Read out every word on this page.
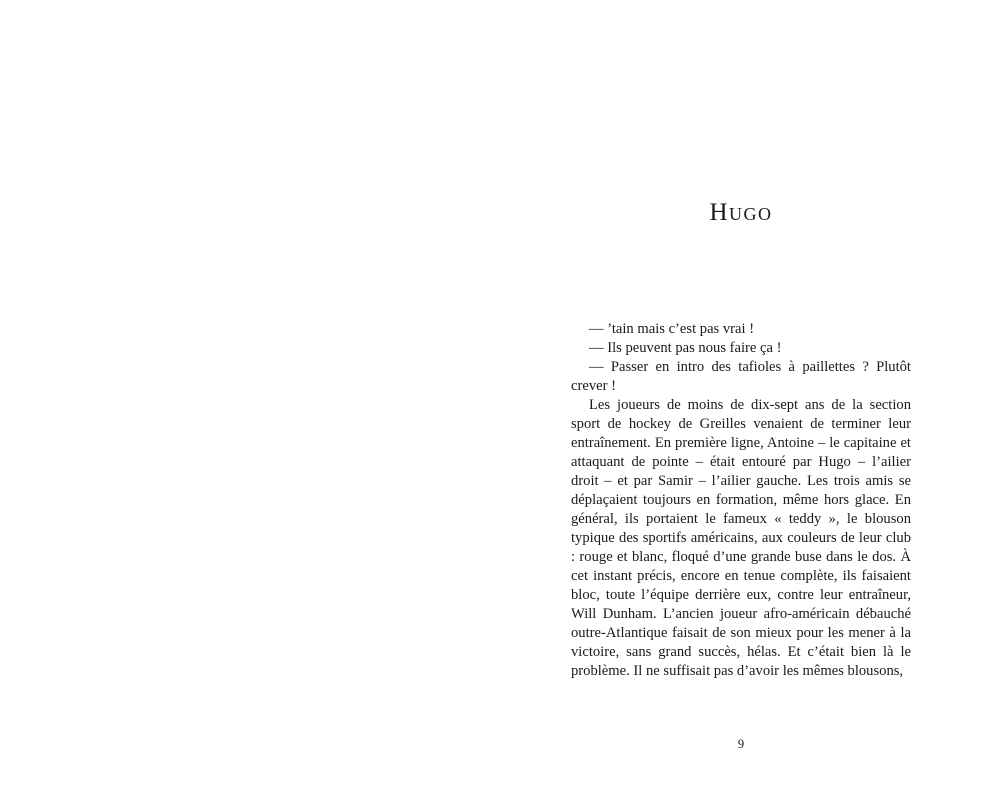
Hugo

— ’tain mais c’est pas vrai !

— Ils peuvent pas nous faire ça !

— Passer en intro des tafioles à paillettes ? Plutôt crever !

Les joueurs de moins de dix-sept ans de la section sport de hockey de Greilles venaient de terminer leur entraînement. En première ligne, Antoine – le capitaine et attaquant de pointe – était entouré par Hugo – l’ailier droit – et par Samir – l’ailier gauche. Les trois amis se déplaçaient toujours en formation, même hors glace. En général, ils portaient le fameux « teddy », le blouson typique des sportifs américains, aux couleurs de leur club : rouge et blanc, floqué d’une grande buse dans le dos. À cet instant précis, encore en tenue complète, ils faisaient bloc, toute l’équipe derrière eux, contre leur entraîneur, Will Dunham. L’ancien joueur afro-américain débauché outre-Atlantique faisait de son mieux pour les mener à la victoire, sans grand succès, hélas. Et c’était bien là le problème. Il ne suffisait pas d’avoir les mêmes blousons,

9
